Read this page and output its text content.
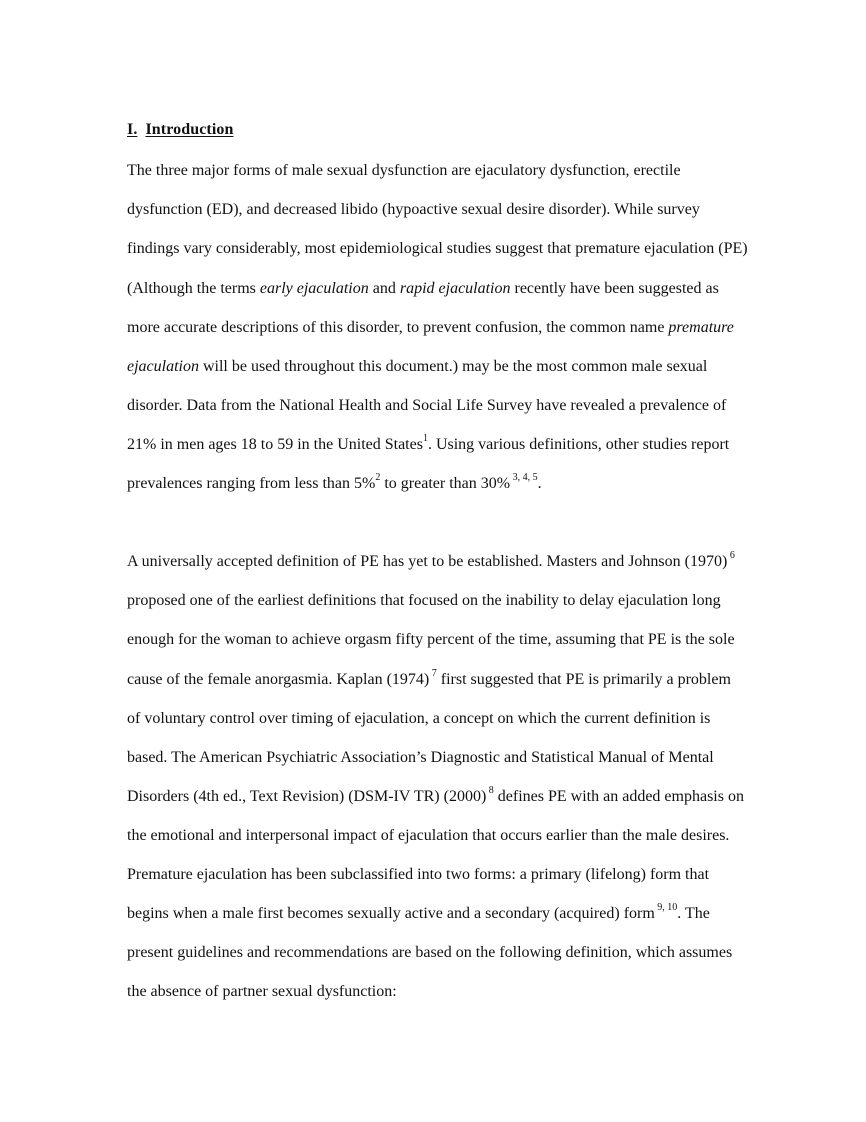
I. Introduction
The three major forms of male sexual dysfunction are ejaculatory dysfunction, erectile
dysfunction (ED), and decreased libido (hypoactive sexual desire disorder). While survey
findings vary considerably, most epidemiological studies suggest that premature ejaculation (PE)
(Although the terms early ejaculation and rapid ejaculation recently have been suggested as
more accurate descriptions of this disorder, to prevent confusion, the common name premature
ejaculation will be used throughout this document.) may be the most common male sexual
disorder. Data from the National Health and Social Life Survey have revealed a prevalence of
21% in men ages 18 to 59 in the United States$^1$. Using various definitions, other studies report
prevalences ranging from less than 5%$^2$ to greater than 30% $^{3, 4, 5}$.
A universally accepted definition of PE has yet to be established. Masters and Johnson (1970) $^6$
proposed one of the earliest definitions that focused on the inability to delay ejaculation long
enough for the woman to achieve orgasm fifty percent of the time, assuming that PE is the sole
cause of the female anorgasmia. Kaplan (1974) $^7$ first suggested that PE is primarily a problem
of voluntary control over timing of ejaculation, a concept on which the current definition is
based. The American Psychiatric Association’s Diagnostic and Statistical Manual of Mental
Disorders (4th ed., Text Revision) (DSM-IV TR) (2000) $^8$ defines PE with an added emphasis on
the emotional and interpersonal impact of ejaculation that occurs earlier than the male desires.
Premature ejaculation has been subclassified into two forms: a primary (lifelong) form that
begins when a male first becomes sexually active and a secondary (acquired) form $^{9, 10}$. The
present guidelines and recommendations are based on the following definition, which assumes
the absence of partner sexual dysfunction:
